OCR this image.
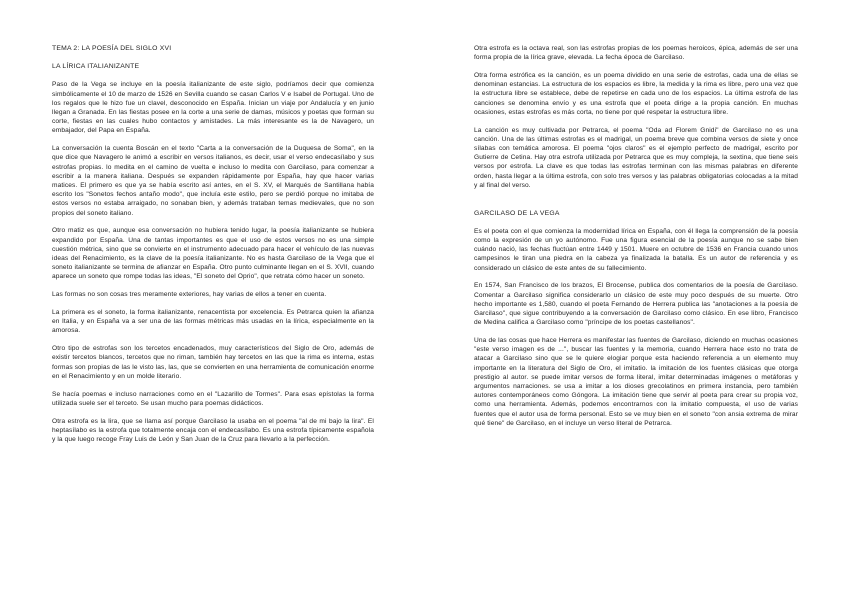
TEMA 2: LA POESÍA DEL SIGLO XVI
LA LÍRICA ITALIANIZANTE

Paso de la Vega se incluye en la poesía italianizante de este siglo, podríamos decir que comienza simbólicamente el 10 de marzo de 1526 en Sevilla cuando se casan Carlos V e Isabel de Portugal. Uno de los regalos que le hizo fue un clavel, desconocido en España. Inician un viaje por Andalucía y en junio llegan a Granada. En las fiestas posee en la corte a una serie de damas, músicos y poetas que forman su corte, fiestas en las cuales hubo contactos y amistades. La más interesante es la de Navagero, un embajador, del Papa en España.

La conversación la cuenta Boscán en el texto "Carta a la conversación de la Duquesa de Soma", en la que dice que Navagero le animó a escribir en versos italianos, es decir, usar el verso endecasílabo y sus estrofas propias. lo medita en el camino de vuelta e incluso lo medita con Garcilaso, para comenzar a escribir a la manera italiana. Después se expanden rápidamente por España, hay que hacer varias matices. El primero es que ya se había escrito así antes, en el S. XV, el Marqués de Santillana había escrito los "Sonetos fechos antaño modo", que incluía este estilo, pero se perdió porque no imitaba de estos versos no estaba arraigado, no sonaban bien, y además trataban temas medievales, que no son propios del soneto italiano.

Otro matiz es que, aunque esa conversación no hubiera tenido lugar, la poesía italianizante se hubiera expandido por España. Una de tantas importantes es que el uso de estos versos no es una simple cuestión métrica, sino que se convierte en el instrumento adecuado para hacer el vehículo de las nuevas ideas del Renacimiento, es la clave de la poesía italianizante. No es hasta Garcilaso de la Vega que el soneto italianizante se termina de afianzar en España. Otro punto culminante llegan en el S. XVII, cuando aparece un soneto que rompe todas las ideas, "El soneto del Oprio", que retrata cómo hacer un soneto.

Las formas no son cosas tres meramente exteriores, hay varias de ellos a tener en cuenta.

La primera es el soneto, la forma italianizante, renacentista por excelencia. Es Petrarca quien la afianza en Italia, y en España va a ser una de las formas métricas más usadas en la lírica, especialmente en la amorosa.

Otro tipo de estrofas son los tercetos encadenados, muy característicos del Siglo de Oro, además de existir tercetos blancos, tercetos que no riman, también hay tercetos en las que la rima es interna, estas formas son propias de las le visto las, las, que se convierten en una herramienta de comunicación enorme en el Renacimiento y en un molde literario.

Se hacía poemas e incluso narraciones como en el "Lazarillo de Tormes". Para esas epístolas la forma utilizada suele ser el terceto. Se usan mucho para poemas didácticos.

Otra estrofa es la lira, que se llama así porque Garcilaso la usaba en el poema "al de mi bajo la lira". El heptasílabo es la estrofa que totalmente encaja con el endecasílabo. Es una estrofa típicamente española y la que luego recoge Fray Luis de León y San Juan de la Cruz para llevarlo a la perfección.

Otra estrofa es la octava real, son las estrofas propias de los poemas heroicos, épica, además de ser una forma propia de la lírica grave, elevada. La fecha época de Garcilaso.

Otra forma estrófica es la canción, es un poema dividido en una serie de estrofas, cada una de ellas se denominan estancias. La estructura de los espacios es libre, la medida y la rima es libre, pero una vez que la estructura libre se establece, debe de repetirse en cada uno de los espacios. La última estrofa de las canciones se denomina envío y es una estrofa que el poeta dirige a la propia canción. En muchas ocasiones, estas estrofas es más corta, no tiene por qué respetar la estructura libre.

La canción es muy cultivada por Petrarca, el poema "Oda ad Florem Gnidi" de Garcilaso no es una canción. Una de las últimas estrofas es el madrigal, un poema breve que combina versos de siete y once sílabas con temática amorosa. El poema "ojos claros" es el ejemplo perfecto de madrigal, escrito por Gutierre de Cetina. Hay otra estrofa utilizada por Petrarca que es muy compleja, la sextina, que tiene seis versos por estrofa. La clave es que todas las estrofas terminan con las mismas palabras en diferente orden, hasta llegar a la última estrofa, con solo tres versos y las palabras obligatorias colocadas a la mitad y al final del verso.

GARCILASO DE LA VEGA

Es el poeta con el que comienza la modernidad lírica en España, con él llega la comprensión de la poesía como la expresión de un yo autónomo. Fue una figura esencial de la poesía aunque no se sabe bien cuándo nació, las fechas fluctúan entre 1449 y 1501. Muere en octubre de 1536 en Francia cuando unos campesinos le tiran una piedra en la cabeza ya finalizada la batalla. Es un autor de referencia y es considerado un clásico de este antes de su fallecimiento.

En 1574, San Francisco de los brazos, El Brocense, publica dos comentarios de la poesía de Garcilaso. Comentar a Garcilaso significa considerarlo un clásico de este muy poco después de su muerte. Otro hecho importante es 1,580, cuando el poeta Fernando de Herrera publica las "anotaciones a la poesía de Garcilaso", que sigue contribuyendo a la conversación de Garcilaso como clásico. En ese libro, Francisco de Medina califica a Garcilaso como "príncipe de los poetas castellanos".

Una de las cosas que hace Herrera es manifestar las fuentes de Garcilaso, diciendo en muchas ocasiones "este verso imagen es de ...", buscar las fuentes y la memoria, cuando Herrera hace esto no trata de atacar a Garcilaso sino que se le quiere elogiar porque esta haciendo referencia a un elemento muy importante en la literatura del Siglo de Oro, el imitatio. la imitación de los fuentes clásicas que otorga prestigio al autor. se puede imitar versos de forma literal, imitar determinadas imágenes o metáforas y argumentos narraciones. se usa a imitar a los dioses grecolatinos en primera instancia, pero también autores contemporáneos como Góngora. La imitación tiene que servir al poeta para crear su propia voz, como una herramienta. Además, podemos encontrarnos con la imitatio compuesta, el uso de varias fuentes que el autor usa de forma personal. Esto se ve muy bien en el soneto "con ansia extrema de mirar qué tiene" de Garcilaso, en el incluye un verso literal de Petrarca.
